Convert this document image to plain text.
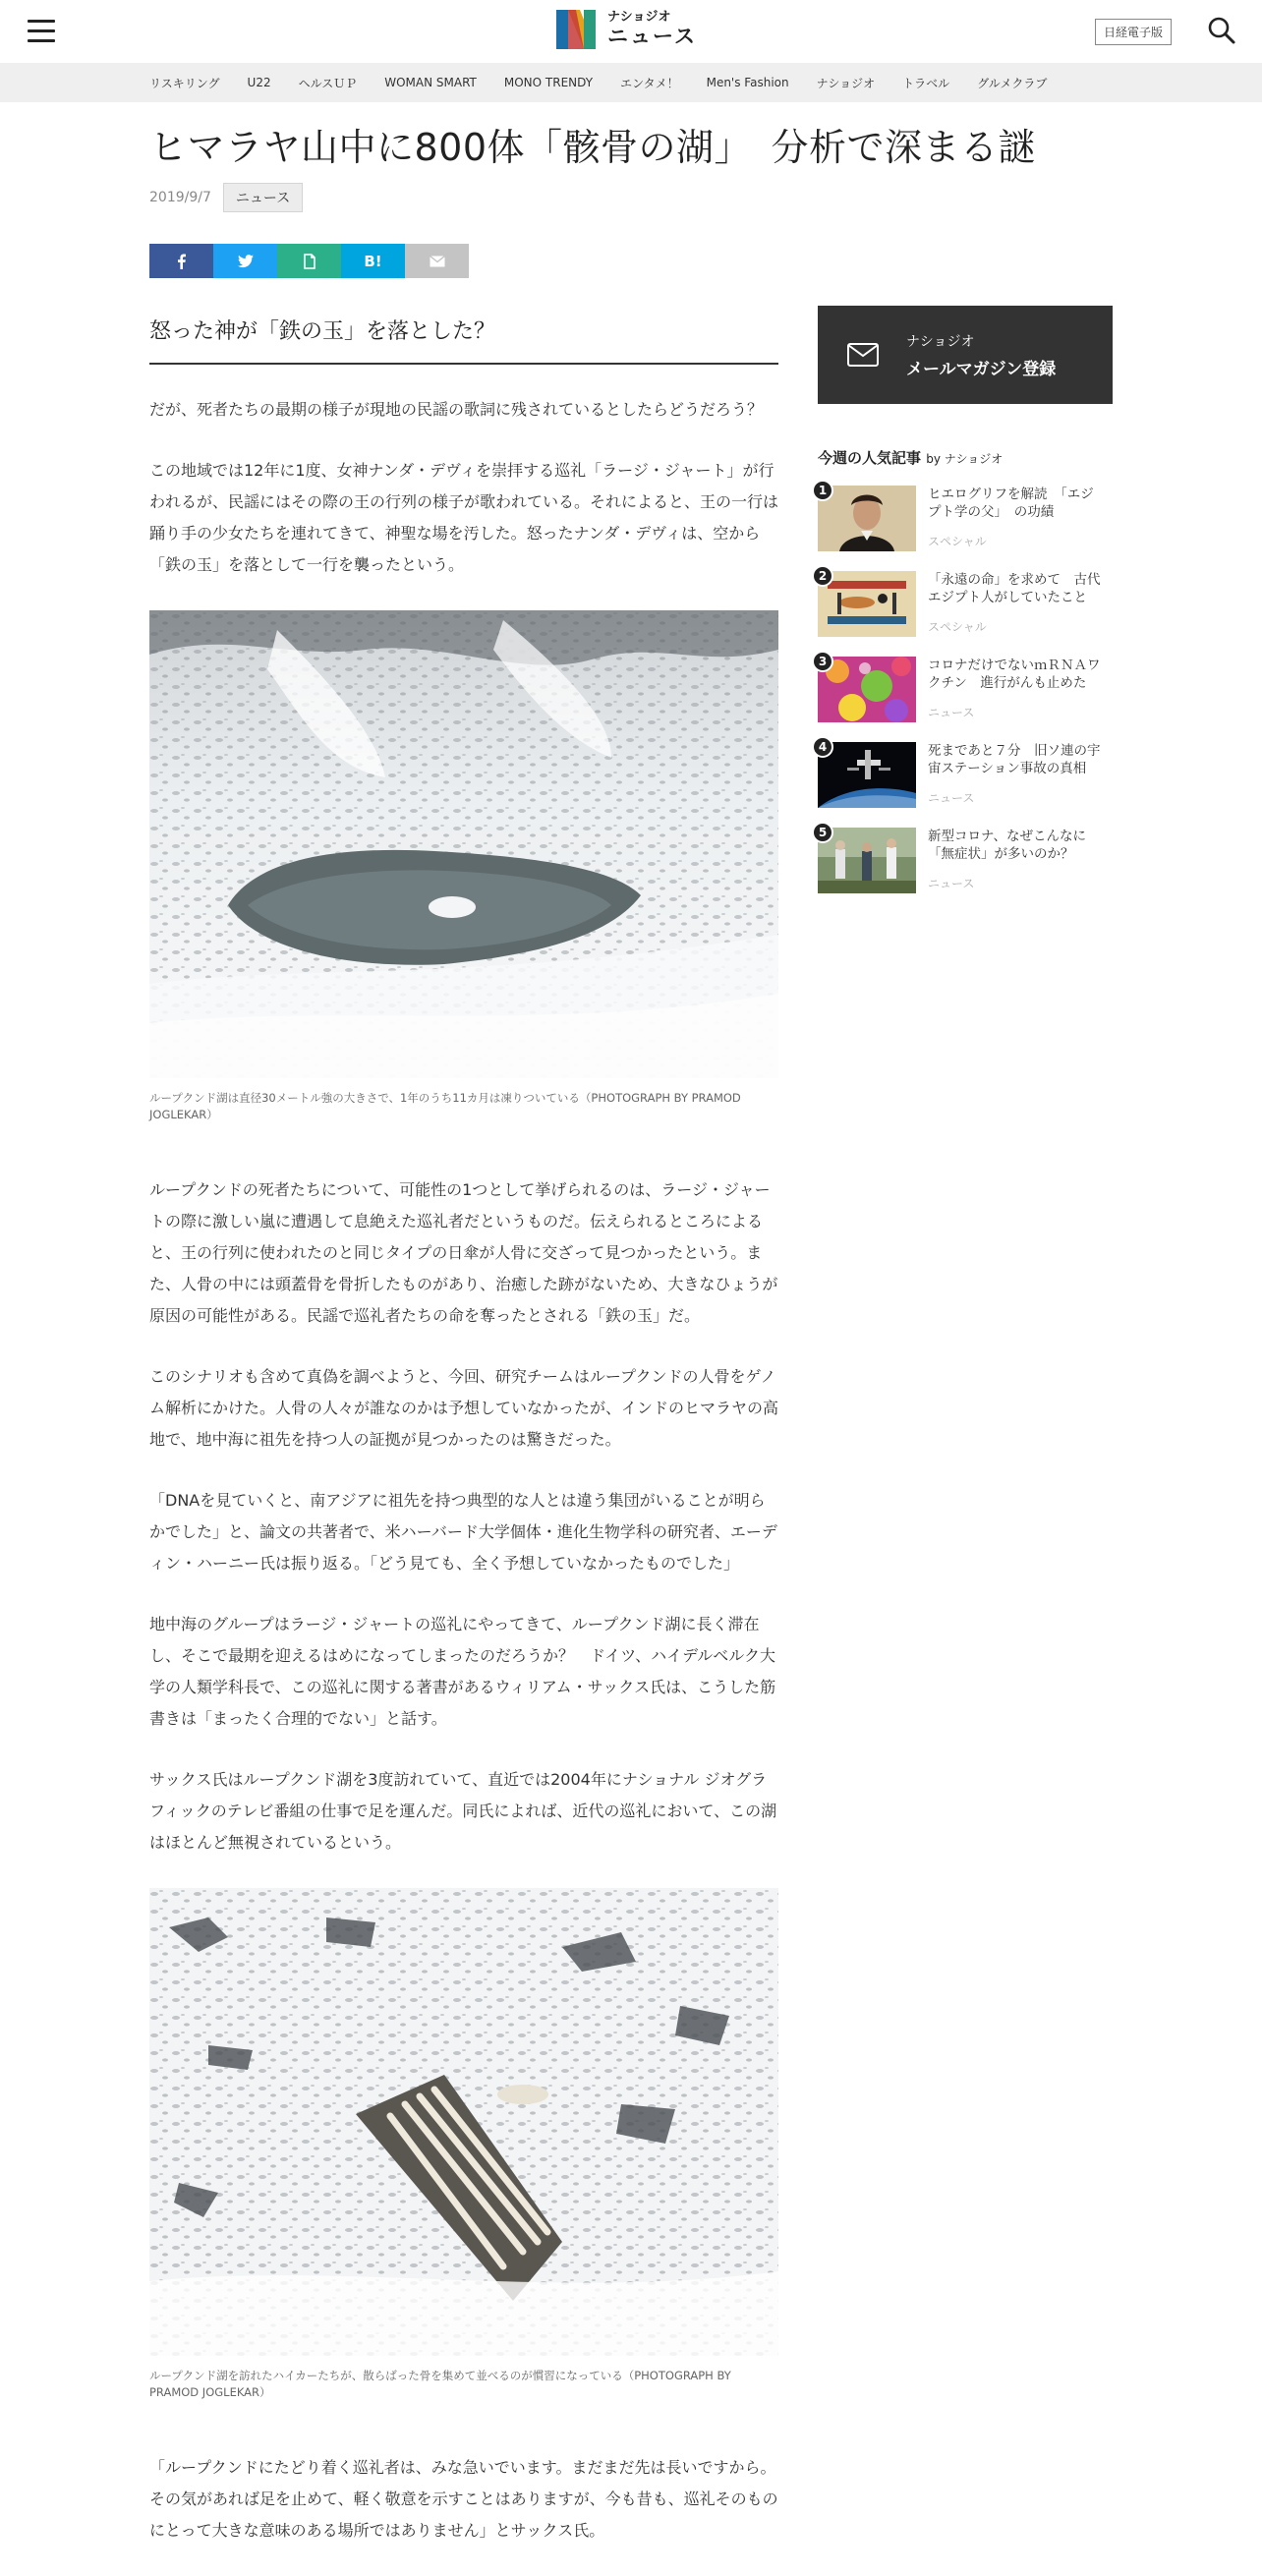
ナショジオ
ニュース	日経電子版
リスキリング U22 ヘルスＵＰ WOMAN SMART MONO TRENDY エンタメ！ Men's Fashion ナショジオ トラベル グルメクラブ
ヒマラヤ山中に800体「骸骨の湖」　分析で深まる謎
2019/9/7	ニュース
B!
怒った神が「鉄の玉」を落とした？

だが、死者たちの最期の様子が現地の民謡の歌詞に残されているとしたらどうだろう？

この地域では12年に1度、女神ナンダ・デヴィを崇拝する巡礼「ラージ・ジャート」が行われるが、民謡にはその際の王の行列の様子が歌われている。それによると、王の一行は踊り手の少女たちを連れてきて、神聖な場を汚した。怒ったナンダ・デヴィは、空から「鉄の玉」を落として一行を襲ったという。

ループクンド湖は直径30メートル強の大きさで、1年のうち11カ月は凍りついている（PHOTOGRAPH BY PRAMOD JOGLEKAR）

ループクンドの死者たちについて、可能性の1つとして挙げられるのは、ラージ・ジャートの際に激しい嵐に遭遇して息絶えた巡礼者だというものだ。伝えられるところによると、王の行列に使われたのと同じタイプの日傘が人骨に交ざって見つかったという。また、人骨の中には頭蓋骨を骨折したものがあり、治癒した跡がないため、大きなひょうが原因の可能性がある。民謡で巡礼者たちの命を奪ったとされる「鉄の玉」だ。

このシナリオも含めて真偽を調べようと、今回、研究チームはループクンドの人骨をゲノム解析にかけた。人骨の人々が誰なのかは予想していなかったが、インドのヒマラヤの高地で、地中海に祖先を持つ人の証拠が見つかったのは驚きだった。

「DNAを見ていくと、南アジアに祖先を持つ典型的な人とは違う集団がいることが明らかでした」と、論文の共著者で、米ハーバード大学個体・進化生物学科の研究者、エーディン・ハーニー氏は振り返る。「どう見ても、全く予想していなかったものでした」

地中海のグループはラージ・ジャートの巡礼にやってきて、ループクンド湖に長く滞在し、そこで最期を迎えるはめになってしまったのだろうか？　ドイツ、ハイデルベルク大学の人類学科長で、この巡礼に関する著書があるウィリアム・サックス氏は、こうした筋書きは「まったく合理的でない」と話す。

サックス氏はループクンド湖を3度訪れていて、直近では2004年にナショナル ジオグラフィックのテレビ番組の仕事で足を運んだ。同氏によれば、近代の巡礼において、この湖はほとんど無視されているという。

ループクンド湖を訪れたハイカーたちが、散らばった骨を集めて並べるのが慣習になっている（PHOTOGRAPH BY PRAMOD JOGLEKAR）

「ループクンドにたどり着く巡礼者は、みな急いでいます。まだまだ先は長いですから。その気があれば足を止めて、軽く敬意を示すことはありますが、今も昔も、巡礼そのものにとって大きな意味のある場所ではありません」とサックス氏。

ナショジオ
メールマガジン登録
今週の人気記事 by ナショジオ
1	ヒエログリフを解読　「エジプト学の父」　の功績
スペシャル
2	「永遠の命」を求めて　古代エジプト人がしていたこと
スペシャル
3	コロナだけでないｍＲＮＡワクチン　進行がんも止めた
ニュース
4	死まであと７分　旧ソ連の宇宙ステーション事故の真相
ニュース
5	新型コロナ、なぜこんなに「無症状」が多いのか？
ニュース
